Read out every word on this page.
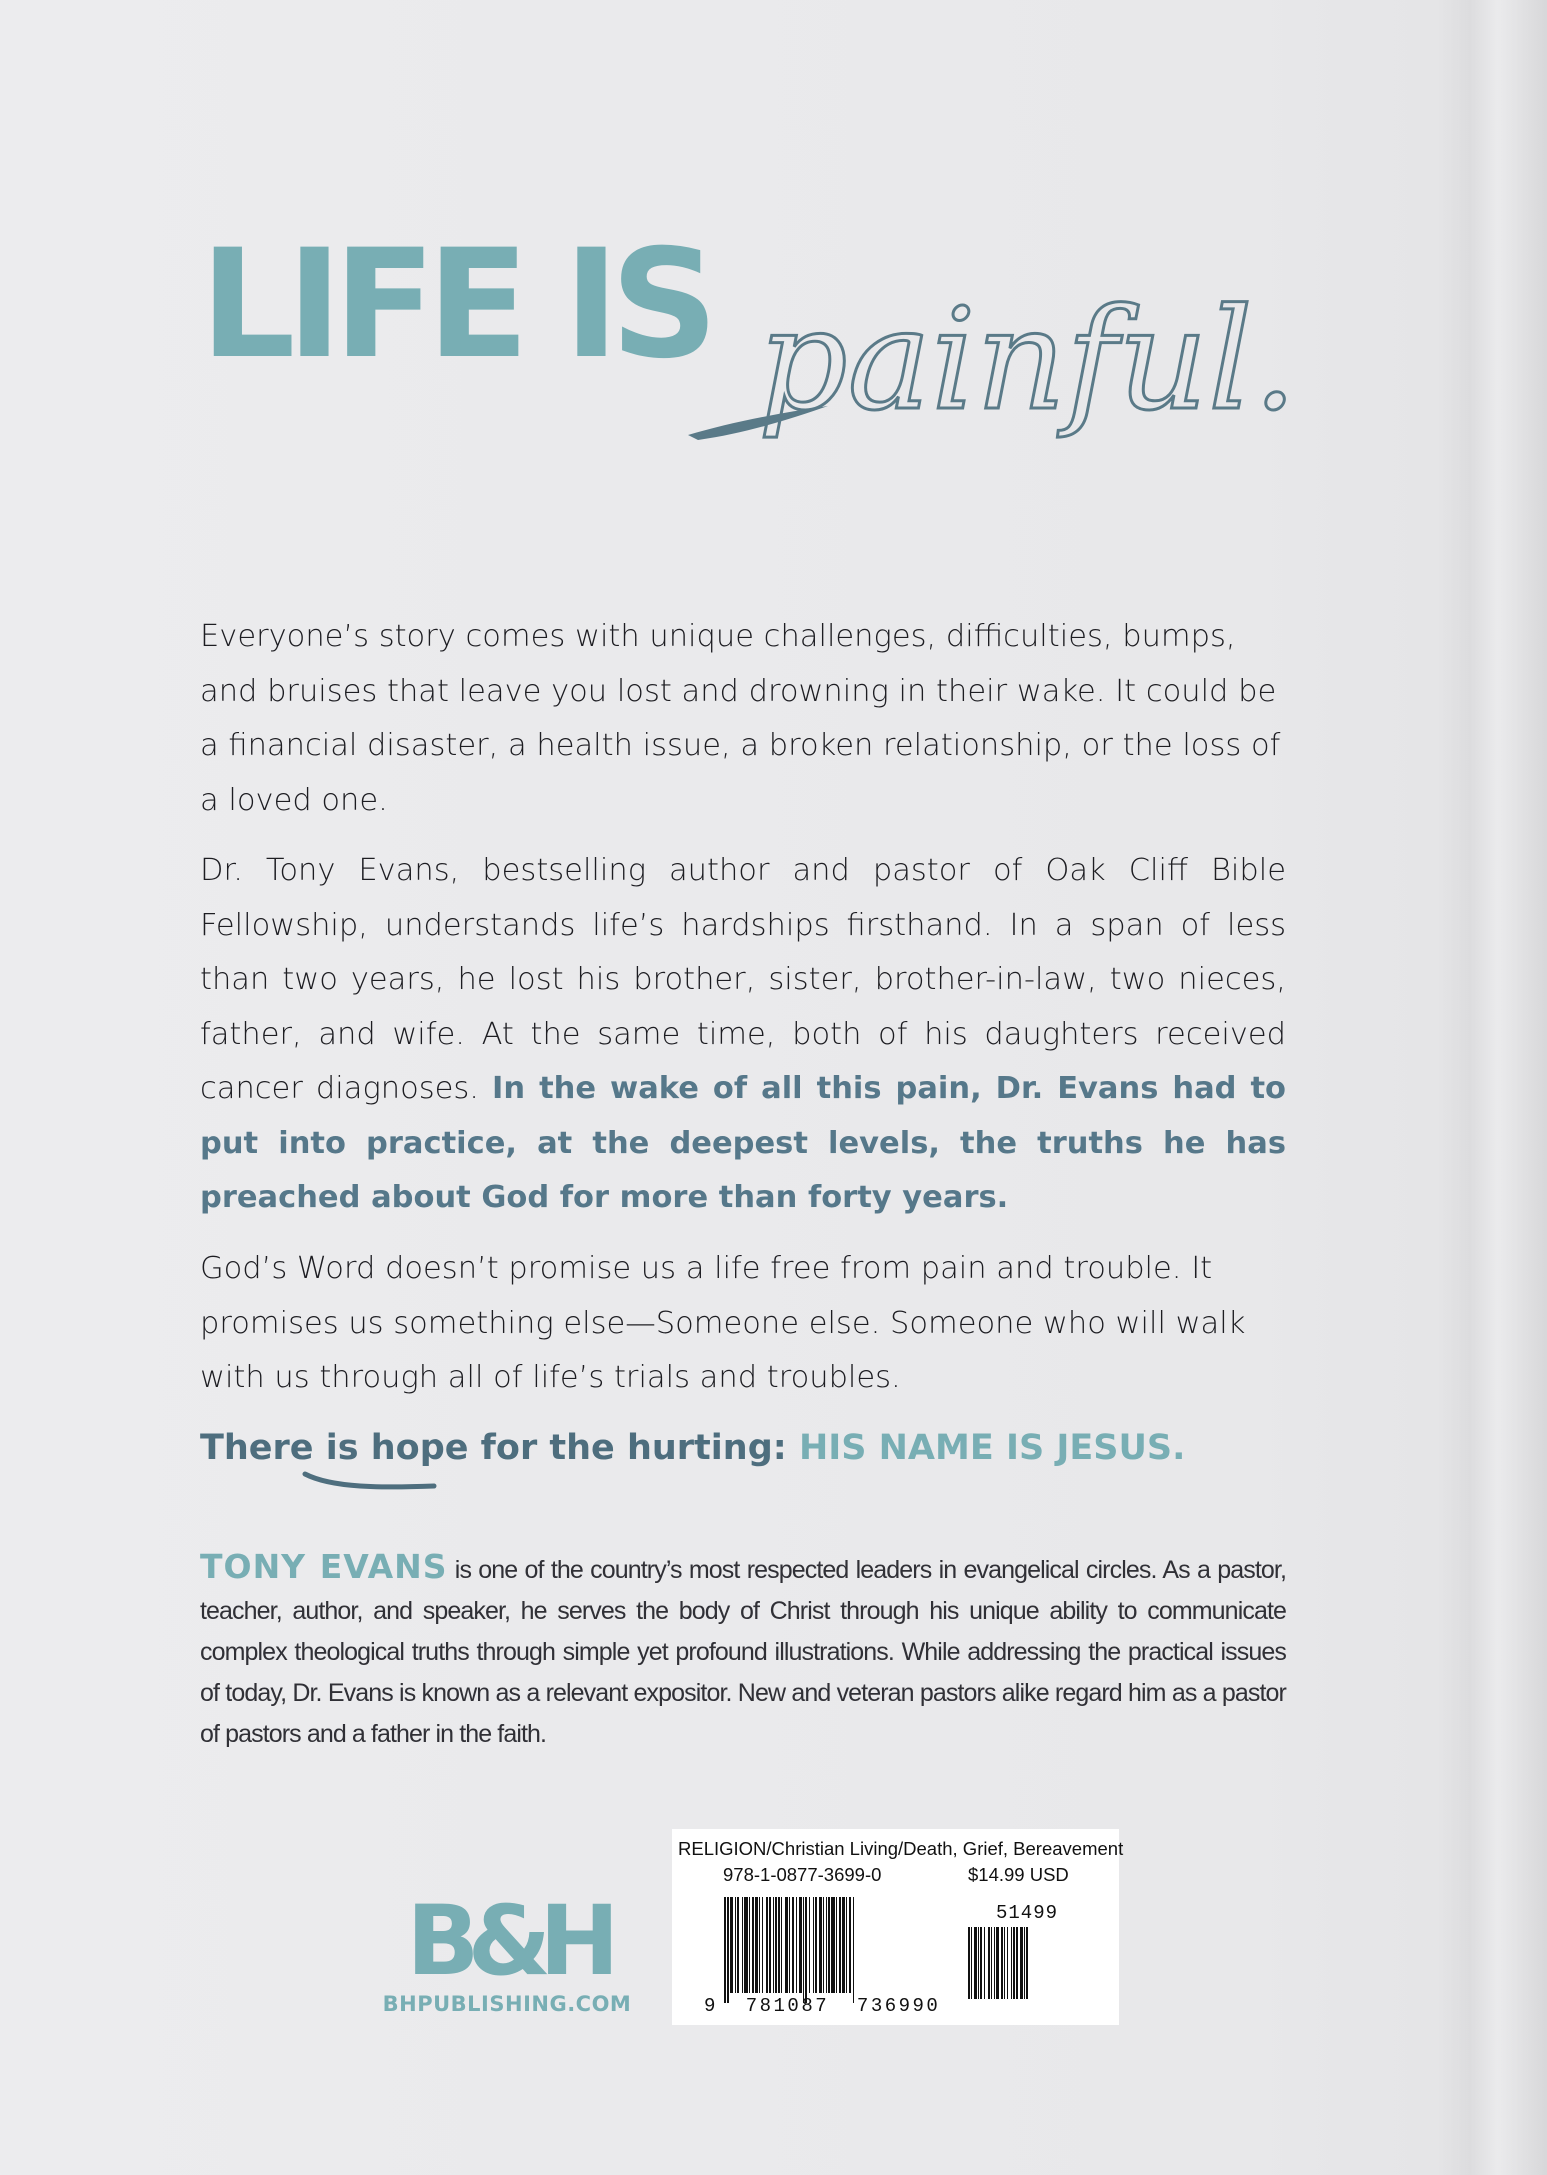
LIFE IS painful.
Everyone’s story comes with unique challenges, difficulties, bumps, and bruises that leave you lost and drowning in their wake. It could be a financial disaster, a health issue, a broken relationship, or the loss of a loved one.
Dr. Tony Evans, bestselling author and pastor of Oak Cliff Bible Fellowship, understands life’s hardships firsthand. In a span of less than two years, he lost his brother, sister, brother-in-law, two nieces, father, and wife. At the same time, both of his daughters received cancer diagnoses. In the wake of all this pain, Dr. Evans had to put into practice, at the deepest levels, the truths he has preached about God for more than forty years.
God’s Word doesn’t promise us a life free from pain and trouble. It promises us something else—Someone else. Someone who will walk with us through all of life’s trials and troubles.
There is hope for the hurting: HIS NAME IS JESUS.
TONY EVANS is one of the country’s most respected leaders in evangelical circles. As a pastor, teacher, author, and speaker, he serves the body of Christ through his unique ability to communicate complex theological truths through simple yet profound illustrations. While addressing the practical issues of today, Dr. Evans is known as a relevant expositor. New and veteran pastors alike regard him as a pastor of pastors and a father in the faith.
B&H
BHPUBLISHING.COM
RELIGION/Christian Living/Death, Grief, Bereavement
978-1-0877-3699-0	$14.99 USD
51499
9  781087  736990
